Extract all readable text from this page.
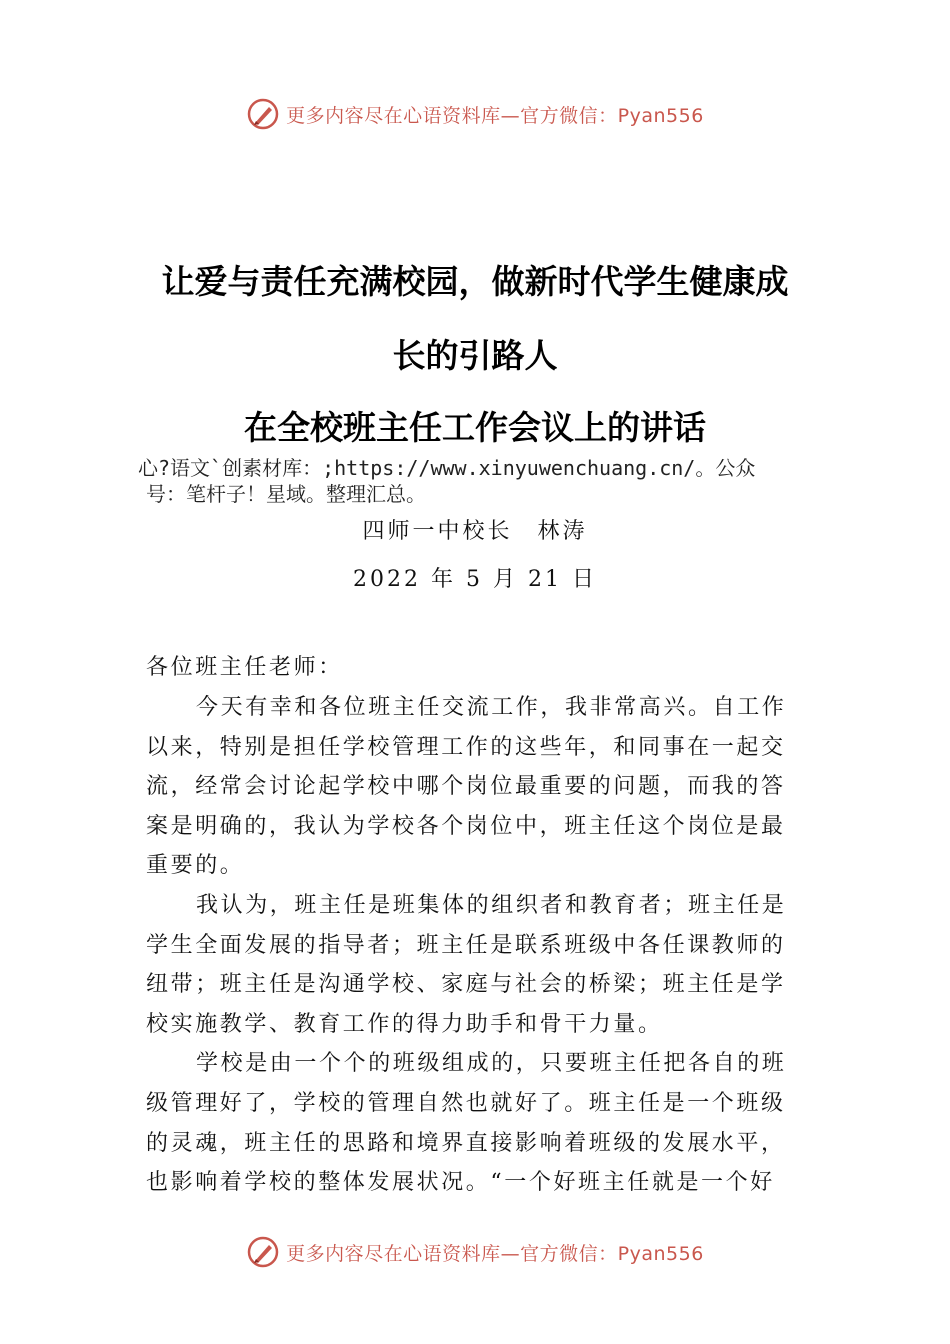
更多内容尽在心语资料库—官方微信：Pyan556
让爱与责任充满校园，做新时代学生健康成
长的引路人
在全校班主任工作会议上的讲话
心?语文`创素材库：;https://www.xinyuwenchuang.cn/。公众
号：笔杆子！星域。整理汇总。
四师一中校长　林涛
2022 年 5 月 21 日
各位班主任老师：

今天有幸和各位班主任交流工作，我非常高兴。自工作以来，特别是担任学校管理工作的这些年，和同事在一起交流，经常会讨论起学校中哪个岗位最重要的问题，而我的答案是明确的，我认为学校各个岗位中，班主任这个岗位是最重要的。

我认为，班主任是班集体的组织者和教育者；班主任是学生全面发展的指导者；班主任是联系班级中各任课教师的纽带；班主任是沟通学校、家庭与社会的桥梁；班主任是学校实施教学、教育工作的得力助手和骨干力量。

学校是由一个个的班级组成的，只要班主任把各自的班级管理好了，学校的管理自然也就好了。班主任是一个班级的灵魂，班主任的思路和境界直接影响着班级的发展水平， 也影响着学校的整体发展状况。“一个好班主任就是一个好

更多内容尽在心语资料库—官方微信：Pyan556
